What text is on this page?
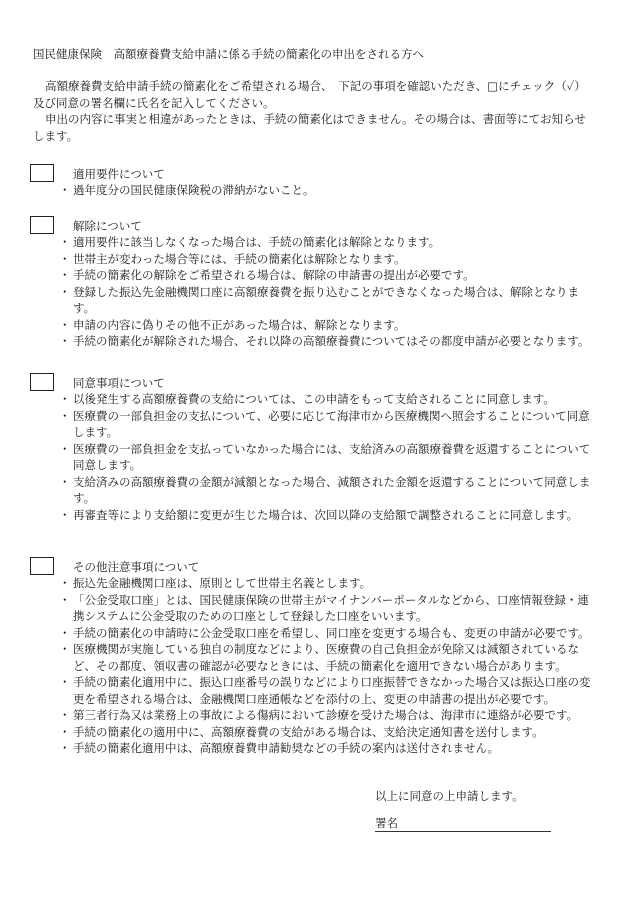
国民健康保険　高額療養費支給申請に係る手続の簡素化の申出をされる方へ

高額療養費支給申請手続の簡素化をご希望される場合、　下記の事項を確認いただき、□にチェック（✓）及び同意の署名欄に氏名を記入してください。

申出の内容に事実と相違があったときは、手続の簡素化はできません。その場合は、書面等にてお知らせします。

適用要件について
・ 過年度分の国民健康保険税の滞納がないこと。
解除について
・ 適用要件に該当しなくなった場合は、手続の簡素化は解除となります。
・ 世帯主が変わった場合等には、手続の簡素化は解除となります。
・ 手続の簡素化の解除をご希望される場合は、解除の申請書の提出が必要です。
・ 登録した振込先金融機関口座に高額療養費を振り込むことができなくなった場合は、解除となります。
・ 申請の内容に偽りその他不正があった場合は、解除となります。
・ 手続の簡素化が解除された場合、それ以降の高額療養費についてはその都度申請が必要となります。
同意事項について
・ 以後発生する高額療養費の支給については、この申請をもって支給されることに同意します。
・ 医療費の一部負担金の支払について、必要に応じて海津市から医療機関へ照会することについて同意します。
・ 医療費の一部負担金を支払っていなかった場合には、支給済みの高額療養費を返還することについて同意します。
・ 支給済みの高額療養費の金額が減額となった場合、減額された金額を返還することについて同意します。
・ 再審査等により支給額に変更が生じた場合は、次回以降の支給額で調整されることに同意します。
その他注意事項について
・ 振込先金融機関口座は、原則として世帯主名義とします。
・ 「公金受取口座」とは、国民健康保険の世帯主がマイナンバーポータルなどから、口座情報登録・連携システムに公金受取のための口座として登録した口座をいいます。
・ 手続の簡素化の申請時に公金受取口座を希望し、同口座を変更する場合も、変更の申請が必要です。
・ 医療機関が実施している独自の制度などにより、医療費の自己負担金が免除又は減額されているなど、その都度、領収書の確認が必要なときには、手続の簡素化を適用できない場合があります。
・ 手続の簡素化適用中に、振込口座番号の誤りなどにより口座振替できなかった場合又は振込口座の変更を希望される場合は、金融機関口座通帳などを添付の上、変更の申請書の提出が必要です。
・ 第三者行為又は業務上の事故による傷病において診療を受けた場合は、海津市に連絡が必要です。
・ 手続の簡素化の適用中に、高額療養費の支給がある場合は、支給決定通知書を送付します。
・ 手続の簡素化適用中は、高額療養費申請勧奨などの手続の案内は送付されません。
以上に同意の上申請します。
署名
